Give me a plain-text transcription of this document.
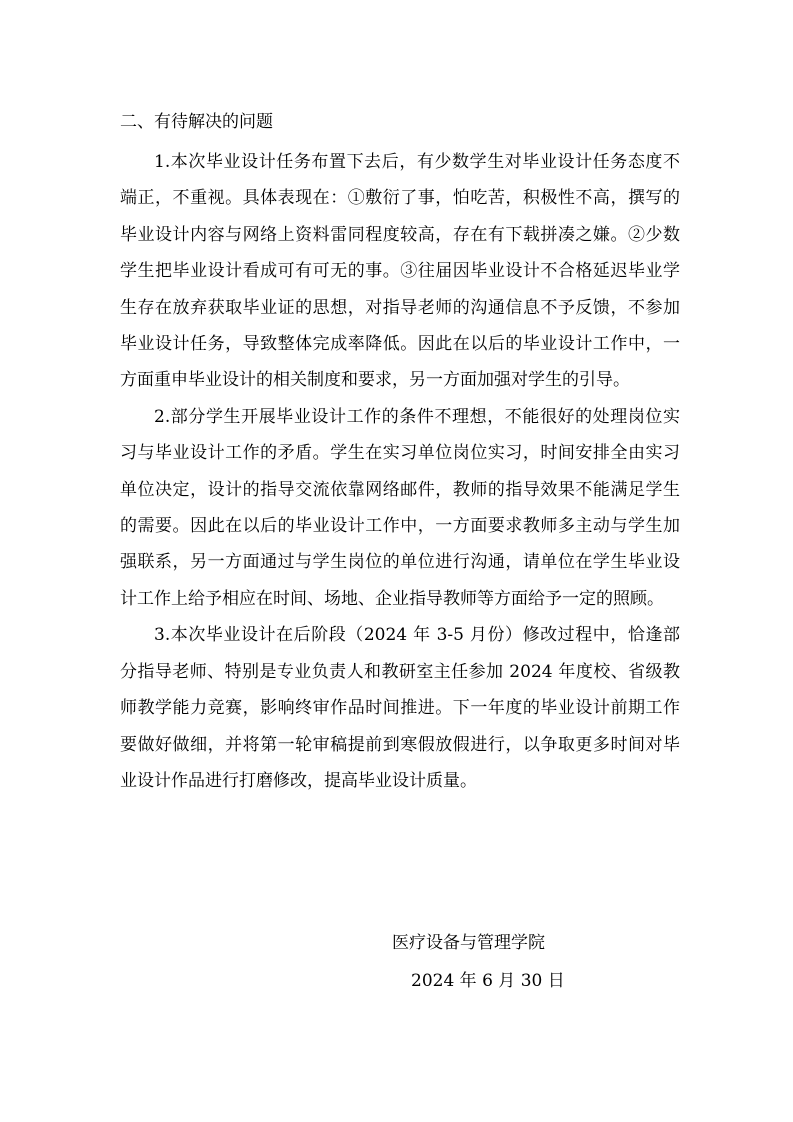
二、有待解决的问题

1.本次毕业设计任务布置下去后，有少数学生对毕业设计任务态度不端正，不重视。具体表现在：①敷衍了事，怕吃苦，积极性不高，撰写的毕业设计内容与网络上资料雷同程度较高，存在有下载拼凑之嫌。②少数学生把毕业设计看成可有可无的事。③往届因毕业设计不合格延迟毕业学生存在放弃获取毕业证的思想，对指导老师的沟通信息不予反馈，不参加毕业设计任务，导致整体完成率降低。因此在以后的毕业设计工作中，一方面重申毕业设计的相关制度和要求，另一方面加强对学生的引导。

2.部分学生开展毕业设计工作的条件不理想，不能很好的处理岗位实习与毕业设计工作的矛盾。学生在实习单位岗位实习，时间安排全由实习单位决定，设计的指导交流依靠网络邮件，教师的指导效果不能满足学生的需要。因此在以后的毕业设计工作中，一方面要求教师多主动与学生加强联系，另一方面通过与学生岗位的单位进行沟通，请单位在学生毕业设计工作上给予相应在时间、场地、企业指导教师等方面给予一定的照顾。

3.本次毕业设计在后阶段（2024 年 3-5 月份）修改过程中，恰逢部分指导老师、特别是专业负责人和教研室主任参加 2024 年度校、省级教师教学能力竞赛，影响终审作品时间推进。下一年度的毕业设计前期工作要做好做细，并将第一轮审稿提前到寒假放假进行，以争取更多时间对毕业设计作品进行打磨修改，提高毕业设计质量。

医疗设备与管理学院

2024 年 6 月 30 日
